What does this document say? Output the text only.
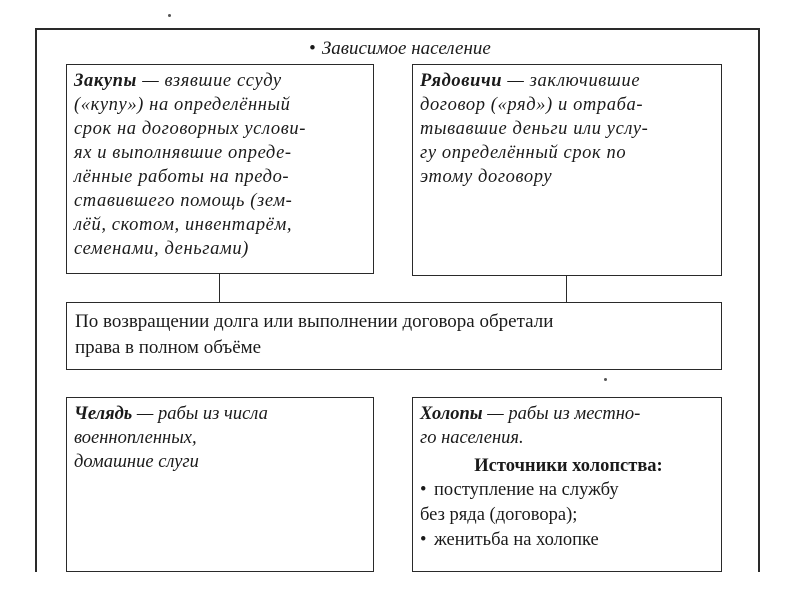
• Зависимое население
Закупы — взявшие ссуду
(«купу») на определённый
срок на договорных услови-
ях и выполнявшие опреде-
лённые работы на предо-
ставившего помощь (зем-
лёй, скотом, инвентарём,
семенами, деньгами)
Рядовичи — заключившие
договор («ряд») и отраба-
тывавшие деньги или услу-
гу определённый срок по
этому договору
По возвращении долга или выполнении договора обретали
права в полном объёме
Челядь — рабы из числа
военнопленных,
домашние слуги
Холопы — рабы из местно-
го населения.
Источники холопства:
• поступление на службу
без ряда (договора);
• женитьба на холопке
